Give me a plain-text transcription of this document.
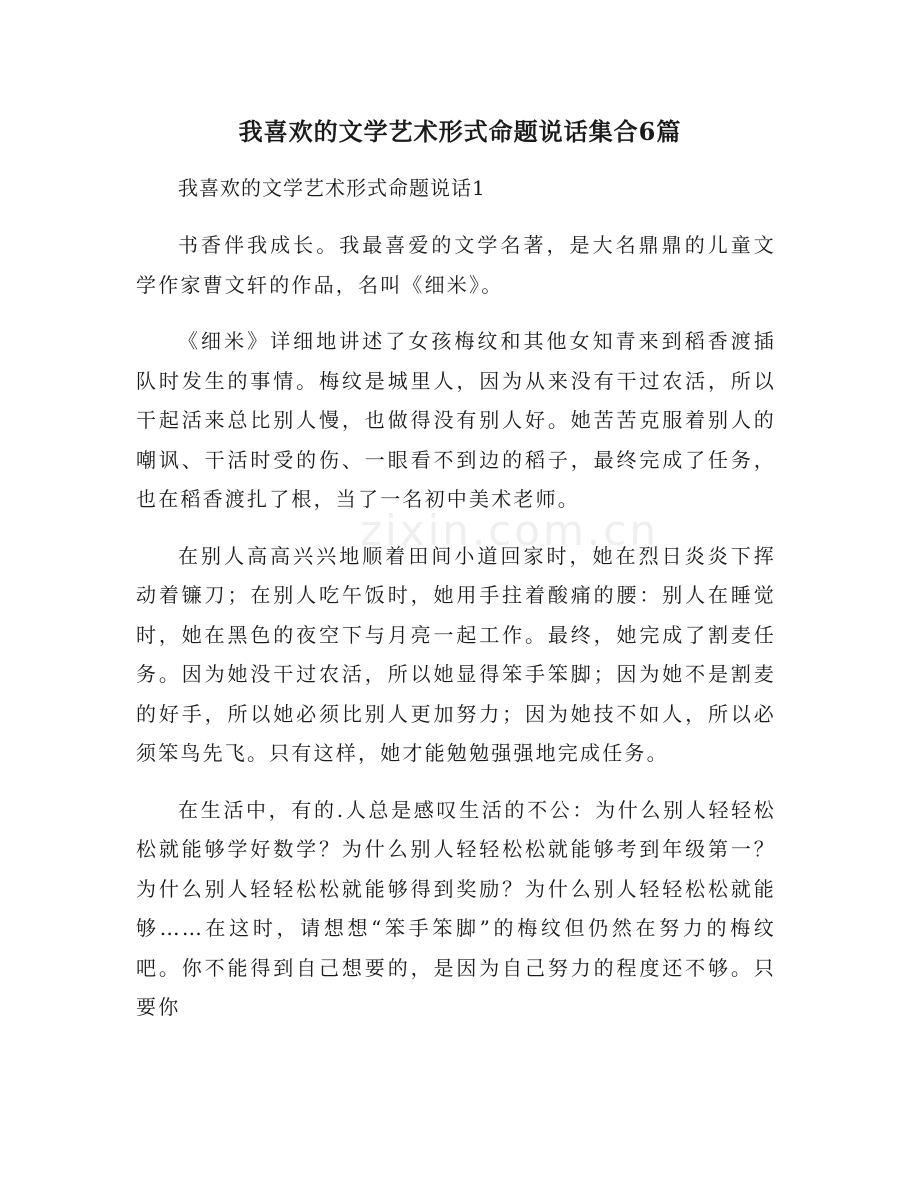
我喜欢的文学艺术形式命题说话集合6篇
zixin.com.cn

我喜欢的文学艺术形式命题说话1

书香伴我成长。我最喜爱的文学名著，是大名鼎鼎的儿童文学作家曹文轩的作品，名叫《细米》。

《细米》详细地讲述了女孩梅纹和其他女知青来到稻香渡插队时发生的事情。梅纹是城里人，因为从来没有干过农活，所以干起活来总比别人慢，也做得没有别人好。她苦苦克服着别人的嘲讽、干活时受的伤、一眼看不到边的稻子，最终完成了任务，也在稻香渡扎了根，当了一名初中美术老师。

在别人高高兴兴地顺着田间小道回家时，她在烈日炎炎下挥动着镰刀；在别人吃午饭时，她用手拄着酸痛的腰：别人在睡觉时，她在黑色的夜空下与月亮一起工作。最终，她完成了割麦任务。因为她没干过农活，所以她显得笨手笨脚；因为她不是割麦的好手，所以她必须比别人更加努力；因为她技不如人，所以必须笨鸟先飞。只有这样，她才能勉勉强强地完成任务。

在生活中，有的.人总是感叹生活的不公：为什么别人轻轻松松就能够学好数学？为什么别人轻轻松松就能够考到年级第一？为什么别人轻轻松松就能够得到奖励？为什么别人轻轻松松就能够……在这时，请想想“笨手笨脚”的梅纹但仍然在努力的梅纹吧。你不能得到自己想要的，是因为自己努力的程度还不够。只要你
